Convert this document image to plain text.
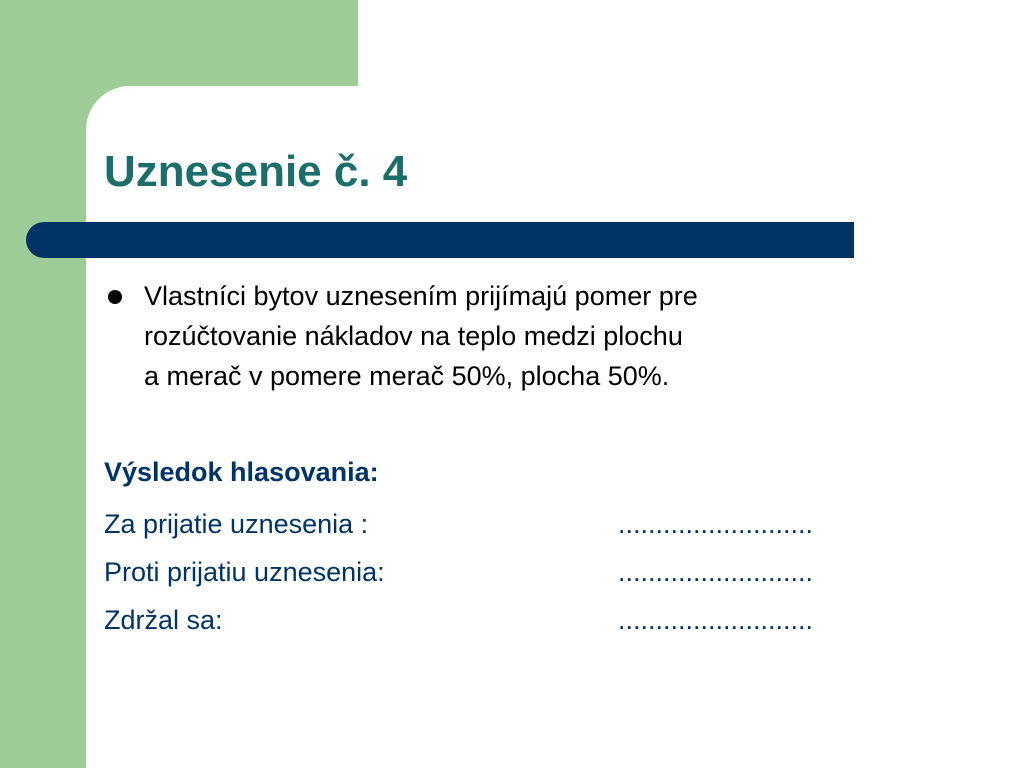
Uznesenie č. 4

Vlastníci bytov uznesením prijímajú pomer pre
rozúčtovanie nákladov na teplo medzi plochu
a merač v pomere merač 50%, plocha 50%.

Výsledok hlasovania:

Za prijatie uznesenia :	..........................
Proti prijatiu uznesenia:	..........................
Zdržal sa:	..........................
